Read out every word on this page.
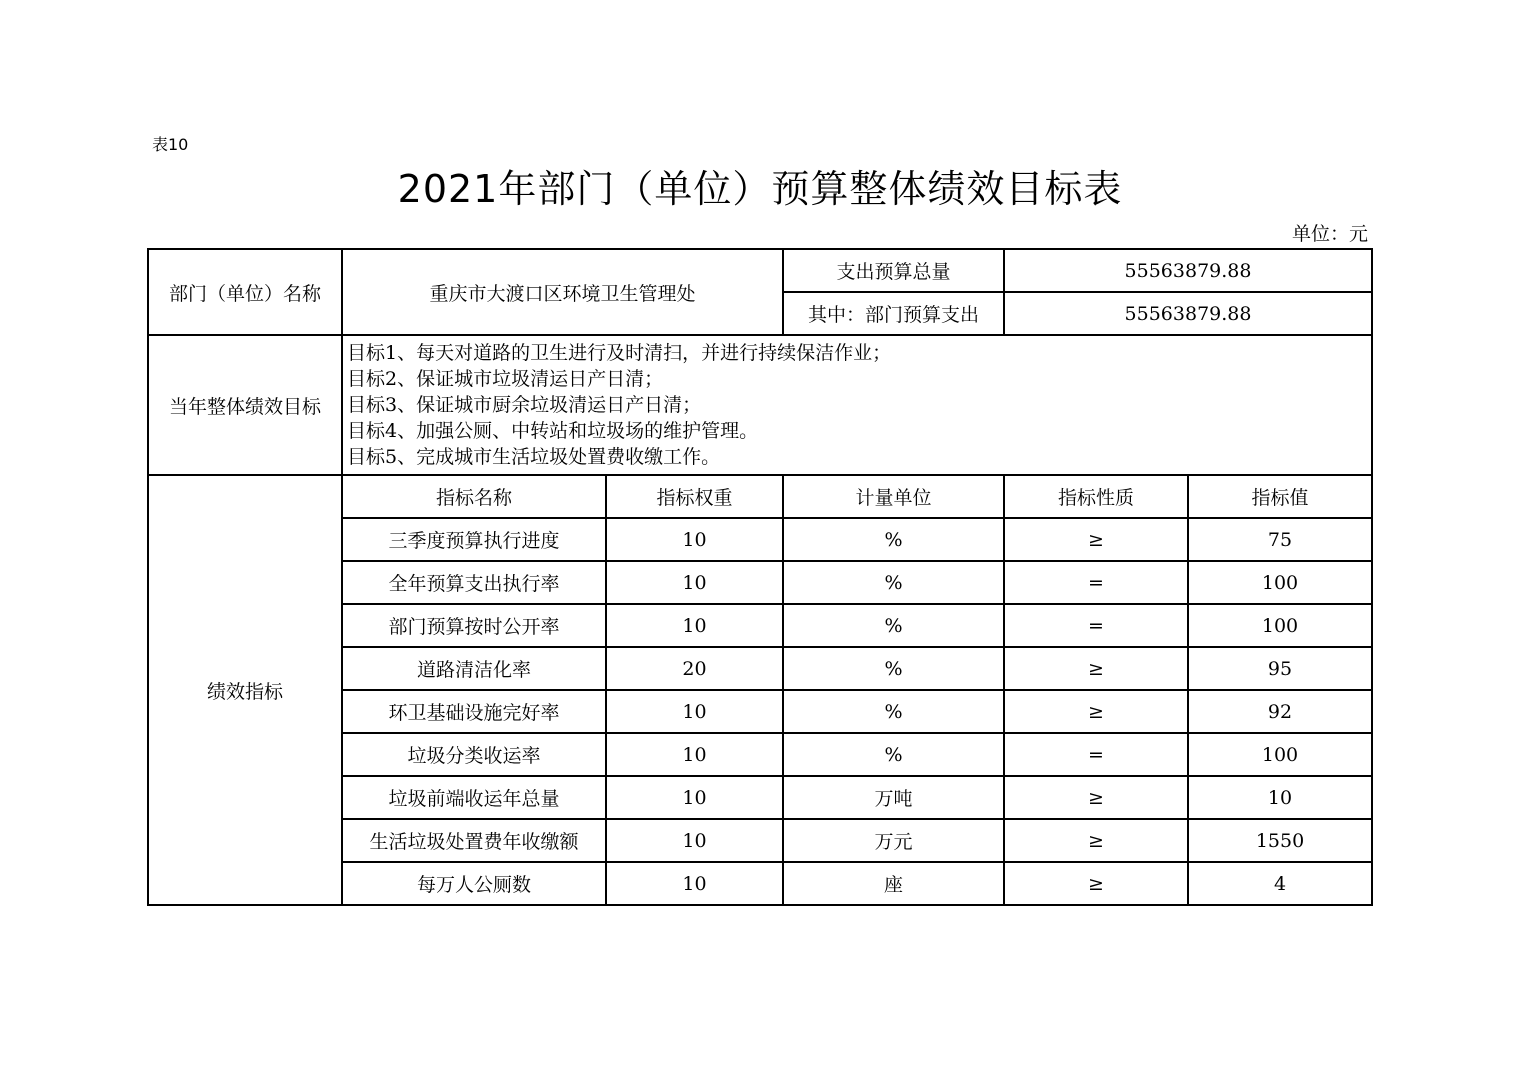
表10
2021年部门（单位）预算整体绩效目标表
单位：元
部门（单位）名称	重庆市大渡口区环境卫生管理处		支出预算总量	55563879.88	
			其中：部门预算支出	55563879.88	
当年整体绩效目标	目标1、每天对道路的卫生进行及时清扫，并进行持续保洁作业；
目标2、保证城市垃圾清运日产日清；
目标3、保证城市厨余垃圾清运日产日清；
目标4、加强公厕、中转站和垃圾场的维护管理。
目标5、完成城市生活垃圾处置费收缴工作。				

绩效指标	指标名称	指标权重	计量单位	指标性质	指标值
	三季度预算执行进度	10	%	≥	75
	全年预算支出执行率	10	%	=	100
	部门预算按时公开率	10	%	=	100
	道路清洁化率	20	%	≥	95
	环卫基础设施完好率	10	%	≥	92
	垃圾分类收运率	10	%	=	100
	垃圾前端收运年总量	10	万吨	≥	10
	生活垃圾处置费年收缴额	10	万元	≥	1550
	每万人公厕数	10	座	≥	4
